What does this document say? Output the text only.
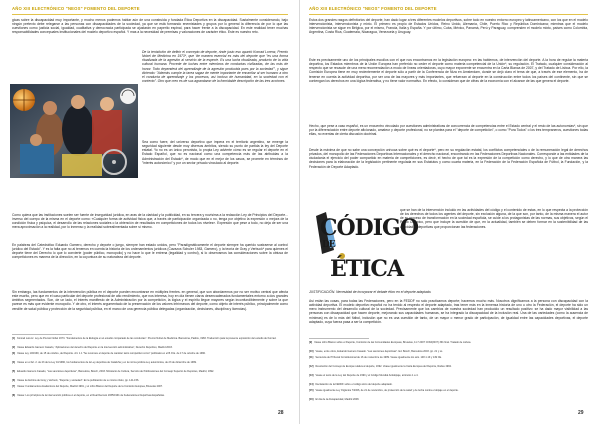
AÑO XIII ELECTRÓNICO "NEOS" FOMENTO DEL DEPORTE

gicas sobre la discapacidad muy importante, y mucho menos podemos hablar aún de una construida y fundada Ética Deportiva en la discapacidad. Sustalmente considerando, bajo ningún pretexto debe relegarse a las personas con discapacidades de la sociedad, ya que se está formando enemistades y grupos por lo general la diferencia de por lo que las cuestiones como justicia social, igualdad, cualitativa y democracia participada se ajustarán en paperito espinal, para hacer frente a la discapacidad. En este realidad tener muchas responsabilidades concepuales institucionales del modelo deportivo español. Y mas a la necesidad de premisas y valoraciones de carácter ético. Este es nuestro reto.

De la tenístición de definir el concepto de deporte, rinde justo eso apuntó Konrad Lorenz, Premio Nobel de Medicina en 1973*, que 'de manera esencial es más del deporte que "es una forma ritualizada de la agresión al servicio de la especie. Es una lucha ritualizada, producto de la vida cultural humana. Procede de luchas entre miembros de conductas civilizadas, de las más de honor. Todo dependerá del aprendizaje de la agresión producida pues por la sociedad"', y sigue diciendo: "Además cumple la tarea sagaz de mente importante de encarrilar al ser humano a otro el conducta de aprendizaje y los procesos, así incluso de humanidad, en la sociedad con el contexto". Otro que creo es de sus agrandaron de la formidable descripción de las tres acciones.

Sea como fuere, del universo deportivo que impera en el territorio argentino, se emerge la seguridad siguiente desde muy diversos ámbitos, siendo su punto de partida la ley del Deporte estatal. Yo no es un único peronista, lo propia Ley advierte cómo es se regular el deporte en el Estado Español, que no es nacional como una competencia más de las atribuidas a la Administración del Estado*, de modo que en el mejor de los casos, se promete en términos de "interés autonómico" y por un sector privado vinculado al deporte.

Como quiera que las instituciones suelen ser fuente de inseguridad jurídica, en aras de la claridad y la publicidad, en su tercera y novísima a la redacción Ley de Principios del Deporte... inverso del cuerpo de la misma en el deporte como: «Cualquier forma de actividad física que, a través de participación organizada o no, tenga por objetivo la expresión o mejora de la condición física y psíquica, el desarrollo de las relaciones sociales o la obtención de resultados en competiciones de todos los niveles». Expresión que pese a todo, no deja de ser una mera aproximación a la realidad, por lo inmenso y la realidad sobrealimentada sobre sí mismo.

En palabras del Catedrático Eduardo Gamero, derecho y deporte o juego, siempre han estado unidos, pero "Paradigmáticamente el deporte siempre ha querido sustraerse al control jurídico del Estado". Y es la falta que no al tenemos en cuenta la historia de los ordenamientos jurídicos (Cavazos Schuler 1983, Gamero), y la teoría de Gray y Verbuck* para quienes el deporte tiene del Derecho lo que lo convierte (poder público, monopolio) y no hace lo que le entrena (legalidad y control), si lo observamos las consideraciones sobre la obtusa de competiciones es manera de la dirección, en la coyuntura de su naturaleza del deporte.

Sin embargo, las fundamentos de la intervención pública en el deporte pueden encontrarse en múltiples frentes. en general, que son abordaremos por no ser motivo central que afecta este escrito, pero que en el caso particular del deporte profesional de alto rendimiento, que nos interesa, hoy en día tienen claros desencadenados fundamentales entorno a dos grandes ámbitos segmentados. Son, de un lado, el interés manifiesto de la Administración por la competición, la lógica y el espíritu llegue mayores según inconfundiblemente y sobre la que parece es más que evidente monopolio. Y de otro, el interés argumentado de la preservación de los valores intrínsecos del deporte, como objeto de interés público, principalmente como vendite de salud pública y protección de la seguridad pública, en el marco de una gerencia pública delegadas (organización, decisiones, disciplina y licencias).

[1] Konrad Lorenz. Ley de Premio Nobel 1973. "Fundamentos de la Etología en el estudio comparado de las conductas". Premio Nobel de Medicina. Barcelona, Paidós, 1983. Traducción para la presente exposición del estudio de Konrad.

[2] Véase Eduardo Gamero Casado, "Aplicaciones del derecho del Deporte en la intervención administrativa", Derecho Deportivo, Madrid 2003.

[3] Véase Ley 10/1990, de 15 de octubre, del Deporte. Art. 1.1 "Se reconoce el deporte de carácter tanto competitivo como" publicado en el B.O.E. de 17 de octubre de 1990.

[4] Véase en el Art. 2. de 23 de la Ley 10/1990, los fundamentos de la Ley deportiva de Cataluña y en la norma jurídica Ley autonómica, de 23 de diciembre de 1999.

[5] Eduardo Gamero Casado, "Las sanciones deportivas", Barcelona, Bosch, 2003. Ministerio de Cultura, Servicio de Publicaciones del Consejo Superior de Deportes, Madrid, 1992.

[6] Véase la doctrina de Gray y Verbuck, "Deporte y sociedad". En la publicación de su mismo título, pp. 141-156.

[7] Véase: Fundamentos Académicos del Deporte, Madrid 1991, y el Libro Blanco del Deporte de la Comisión Europea, Bruselas 2007.

[8] Véase: Los principios de la intervención pública en el deporte, en el Real Decreto 1835/1991 de Federaciones Deportivas Españolas.

28
AÑO XIII ELECTRÓNICO "NEOS" FOMENTO DEL DEPORTE

Estos dos grandes rasgos definitorios del deporte, han dado lugar a tres diferentes modelos deportivos, sobre todo en nuestro entorno europeo y latinoamericano, con los que en el modelo intervencionista, intervencionista y mixto. El primero es propio de Estados Unidos, Reino Unido, Alemania, Chile, Puerto Rico y República Dominicana; mientras que el modelo intervencionista se sigue en Bélgica, por el mismo, Francia, Italia y España. Y por último, Cuba, México, Panamá, Perú y Paraguay, comprenden el modelo mixto, países como Colombia, Argentina, Costa Rica, Guatemala, Nicaragua, Venezuela y Uruguay.

Este es precisamente uno de los principales escollos con el que nos encontramos en la legislación europea: en las hablemos, de intervención del deporte. A la hora de regular la materia deportiva, los Estados miembros de la Unión Europea han preferido no ceder el deporte como materia competencial de la Unión*, su regulación. El Tratado, cualquier consideración al respecto que se recaude de una mera recomendación a modo de líneas orientadoras, cuyo mayor exponente se encuentra en la Carta Blanca de 2007, y del Tratado de Lisboa. Por ello, la Comisión Europea tiene en muy recientemente el deporte sólo a partir de la Conferencia de Niza en Amsterdam, donde se dejó claro el tema de que, a través de ese elemento, ha de tenerse en cuenta la actividad deportiva, por ser una de las mayores y más importantes, que refuerzan al deporte en la construcción entre todos los países del continente, sin que se contengan los derechos en una lógica federativa, y no tiene valor normativo. En efecto, lo consideran que de cifras de la economía con el alcance de las que genera el deporte.

Hecho, que pese a caso español, es un encuentro vinculado por cuestiones administrativas de concurrencia de competencias entre el Estado central y el resto de las autonomías*, sin que por la diferenciación entre deporte aficionado, amateur y deporte profesional, no se plantea para el "deporte de competición", o como "Pura Todos" o los tres tempraneros, cuestiones todas ellas, no exentas de cierta discusión doctrinal.

Desde la máxima de que no sabe una concepción unívoca sobre qué es el deporte*, pero en su regulación estatal, los conflictos competenciales o de la remuneración legal de derechos privados, del monopolio de las Federaciones Deportivas Internacionales y el derecho nacional, encontrando en las Federaciones Deportivas Nacionales. Corresponde a las entidades de la ciudadanía el ejercicio del poder compartido en materia de competiciones, es decir, el hecho de que tal es la expresión de la competición como derecho, y lo que de otra manera las decisiones para la elaboración de la legislación pertinente regulada en sus Estatutos y como cuarta materia, en la Federación de la Federación Española de Fútbol, la Fundación, y la Federación de Deporte Adaptado.

CÓDIGO
DE
ÉTICA

que se han de la intervención incluido en las actividades del código y el contenido de estas, en lo que respecta a la protección de los derechos de todos los agentes del deporte, sin exclusión alguna, de la que son, por tanto, de la misma manera el autor de su proceso de transformación en la sociedad española, se cuide a los protagonistas de las normas, sus objetivos, según el Pacto Olímpico, pero que incluye la cuestión de que, en la actualidad, también se deben formar en la sostenibilidad de las actividades deportivas que proporcionan las federaciones.

JUSTIFICACIÓN. Necesidad de incorporar el debate ético en el deporte adaptado.

Así están las cosas, para todas las Federaciones, pero en la FEDDF no solo practicamos deporte; hacemos mucho más. Nosotros dignificamos a la persona con discapacidad con la actividad deportiva. El modelo deportivo español no ha tenido al respecto el deporte adaptado, tras tener más en la inmensa historia de uno u otro la Federación, el deporte ha sido un mero instrumento del desarrollo cultural de la sociedad. Precisamente que los cambios de nuestra sociedad han producido un resultado positivo: se ha dado mayor visibilidad a las personas con discapacidad que hacen deporte, mejorando sus capacidades humanas, se ha integrado la discapacidad de la inclusión real. Una de las variedades (como la ausencia de mínimas) es de lo más del fútbol, inclusión que no es una cuestión de tanto, de un mayor o menor grado de participación, de igualdad entre las capacidades deportivas, el deporte adaptado, cuya fuerza pasa a ser la competición.

[9] Véase Libro Blanco sobre el Deporte, Comisión de las Comunidades Europeas, Bruselas, 11.7.2007 COM(2007) 391 final. Tratado de Lisboa.

[10] Véase, entre otros, Eduardo Gamero Casado. "Las sanciones deportivas". Ed. Bosch, Barcelona 2003. pp. 21 y ss.

[11] Sentencia del Tribunal Constitucional de 16 de noviembre de 1989. Véase igualmente los arts. 148.1.19 y 149 CE.

[12] Resolución del Consejo de Europa relativa al deporte, 1992. Véase igualmente la Carta Europea del Deporte, Rodas 1992.

[13] Véase el texto de la Ley del Deporte de 1990 y el Código Mundial Antidopaje, artículos 1 a 4.

[14] Declaración de la FEDDF sobre el código ético del deporte adaptado.

[15] Véase igualmente Ley Orgánica 7/2006, de 21 de noviembre, de protección de la salud y de lucha contra el dopaje en el deporte.

[16] El día de la discapacidad, Madrid 2008.

29
